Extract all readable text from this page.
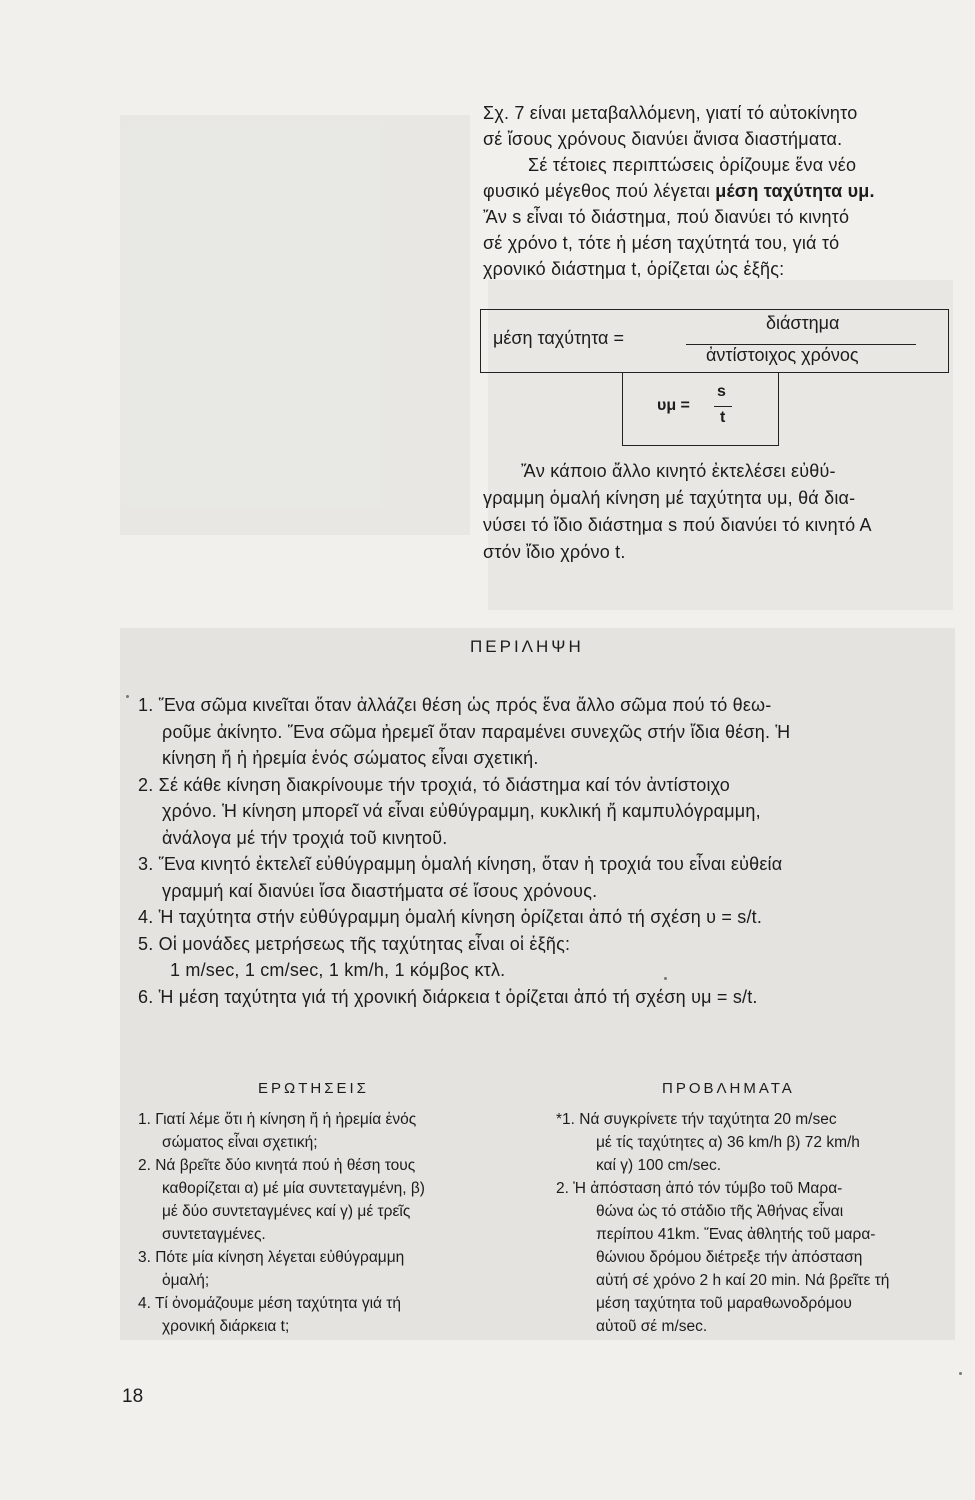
Σχ. 7 είναι μεταβαλλόμενη, γιατί τό αὐτοκίνητο
σέ ἴσους χρόνους διανύει ἄνισα διαστήματα.
Σέ τέτοιες περιπτώσεις ὁρίζουμε ἕνα νέο
φυσικό μέγεθος πού λέγεται μέση ταχύτητα υμ.
Ἄν s εἶναι τό διάστημα, πού διανύει τό κινητό
σέ χρόνο t, τότε ἡ μέση ταχύτητά του, γιά τό
χρονικό διάστημα t, ὁρίζεται ὡς ἑξῆς:
μέση ταχύτητα =
διάστημα
ἀντίστοιχος χρόνος
υμ =
s
t
Ἄν κάποιο ἄλλο κινητό ἐκτελέσει εὐθύ-
γραμμη ὁμαλή κίνηση μέ ταχύτητα υμ, θά δια-
νύσει τό ἴδιο διάστημα s πού διανύει τό κινητό Α
στόν ἴδιο χρόνο t.
ΠΕΡΙΛΗΨΗ
1. Ἕνα σῶμα κινεῖται ὅταν ἀλλάζει θέση ὡς πρός ἕνα ἄλλο σῶμα πού τό θεω-
ροῦμε ἀκίνητο. Ἕνα σῶμα ἠρεμεῖ ὅταν παραμένει συνεχῶς στήν ἴδια θέση. Ἡ
κίνηση ἤ ἡ ἠρεμία ἑνός σώματος εἶναι σχετική.
2. Σέ κάθε κίνηση διακρίνουμε τήν τροχιά, τό διάστημα καί τόν ἀντίστοιχο
χρόνο. Ἡ κίνηση μπορεῖ νά εἶναι εὐθύγραμμη, κυκλική ἤ καμπυλόγραμμη,
ἀνάλογα μέ τήν τροχιά τοῦ κινητοῦ.
3. Ἕνα κινητό ἐκτελεῖ εὐθύγραμμη ὁμαλή κίνηση, ὅταν ἡ τροχιά του εἶναι εὐθεία
γραμμή καί διανύει ἴσα διαστήματα σέ ἴσους χρόνους.
4. Ἡ ταχύτητα στήν εὐθύγραμμη ὁμαλή κίνηση ὁρίζεται ἀπό τή σχέση υ = s/t.
5. Οἱ μονάδες μετρήσεως τῆς ταχύτητας εἶναι οἱ ἑξῆς:
1 m/sec, 1 cm/sec, 1 km/h, 1 κόμβος κτλ.
6. Ἡ μέση ταχύτητα γιά τή χρονική διάρκεια t ὁρίζεται ἀπό τή σχέση υμ = s/t.
ΕΡΩΤΗΣΕΙΣ
1. Γιατί λέμε ὅτι ἡ κίνηση ἤ ἡ ἠρεμία ἑνός
σώματος εἶναι σχετική;
2. Νά βρεῖτε δύο κινητά πού ἡ θέση τους
καθορίζεται α) μέ μία συντεταγμένη, β)
μέ δύο συντεταγμένες καί γ) μέ τρεῖς
συντεταγμένες.
3. Πότε μία κίνηση λέγεται εὐθύγραμμη
ὁμαλή;
4. Τί ὀνομάζουμε μέση ταχύτητα γιά τή
χρονική διάρκεια t;
ΠΡΟΒΛΗΜΑΤΑ
*1. Νά συγκρίνετε τήν ταχύτητα 20 m/sec
μέ τίς ταχύτητες α) 36 km/h β) 72 km/h
καί γ) 100 cm/sec.
2. Ἡ ἀπόσταση ἀπό τόν τύμβο τοῦ Μαρα-
θώνα ὡς τό στάδιο τῆς Ἀθήνας εἶναι
περίπου 41km. Ἕνας ἀθλητής τοῦ μαρα-
θώνιου δρόμου διέτρεξε τήν ἀπόσταση
αὐτή σέ χρόνο 2 h καί 20 min. Νά βρεῖτε τή
μέση ταχύτητα τοῦ μαραθωνοδρόμου
αὐτοῦ σέ m/sec.
18
